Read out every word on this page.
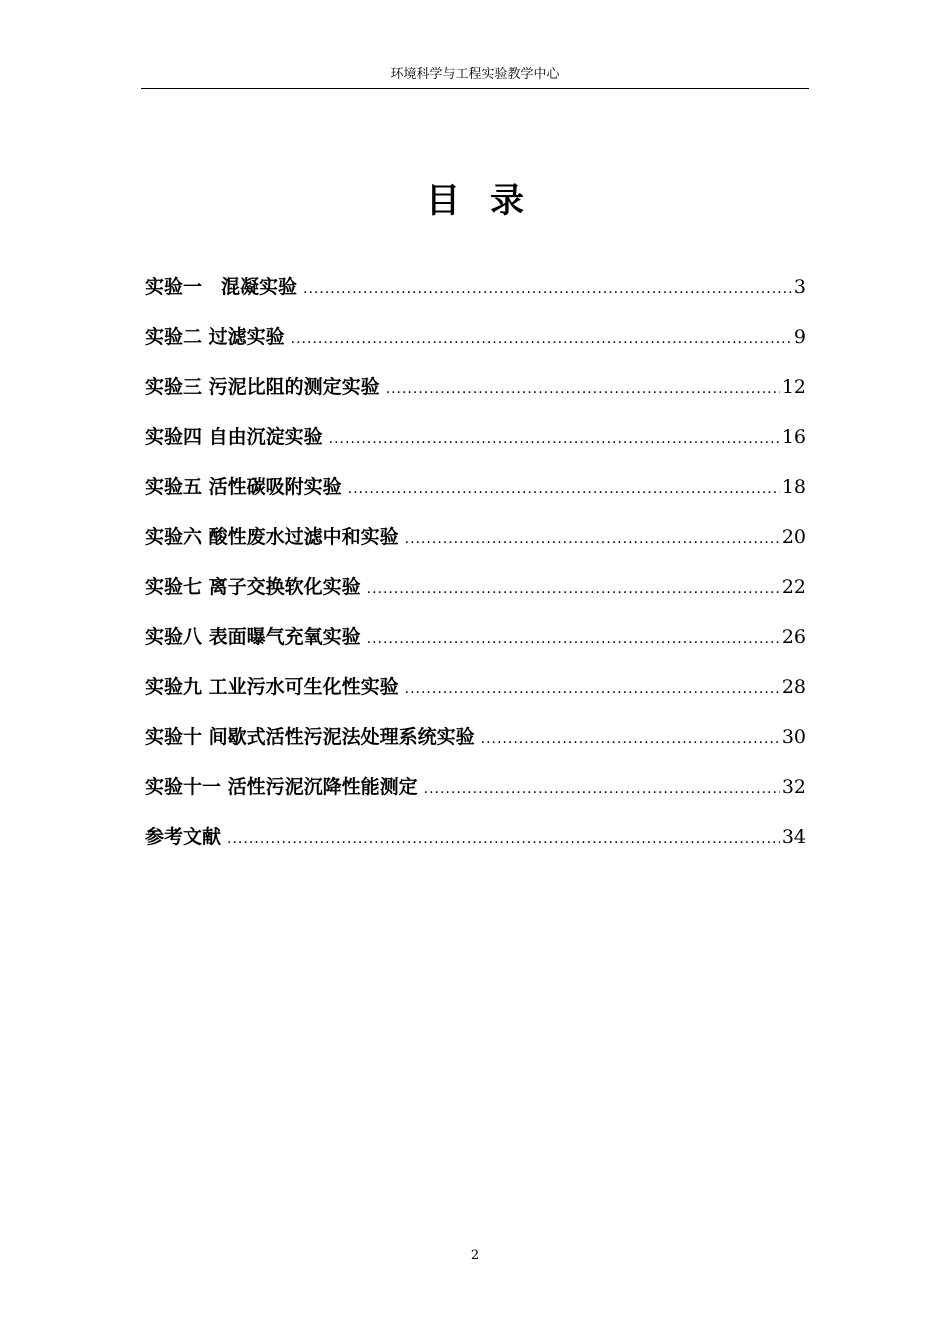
环境科学与工程实验教学中心
目录
实验一　混凝实验 .....	3
实验二 过滤实验 .....	9
实验三 污泥比阻的测定实验 .....	12
实验四 自由沉淀实验 .....	16
实验五 活性碳吸附实验 .....	18
实验六 酸性废水过滤中和实验 .....	20
实验七 离子交换软化实验 .....	22
实验八 表面曝气充氧实验 .....	26
实验九 工业污水可生化性实验 .....	28
实验十 间歇式活性污泥法处理系统实验 .....	30
实验十一 活性污泥沉降性能测定 .....	32
参考文献 .....	34
2
